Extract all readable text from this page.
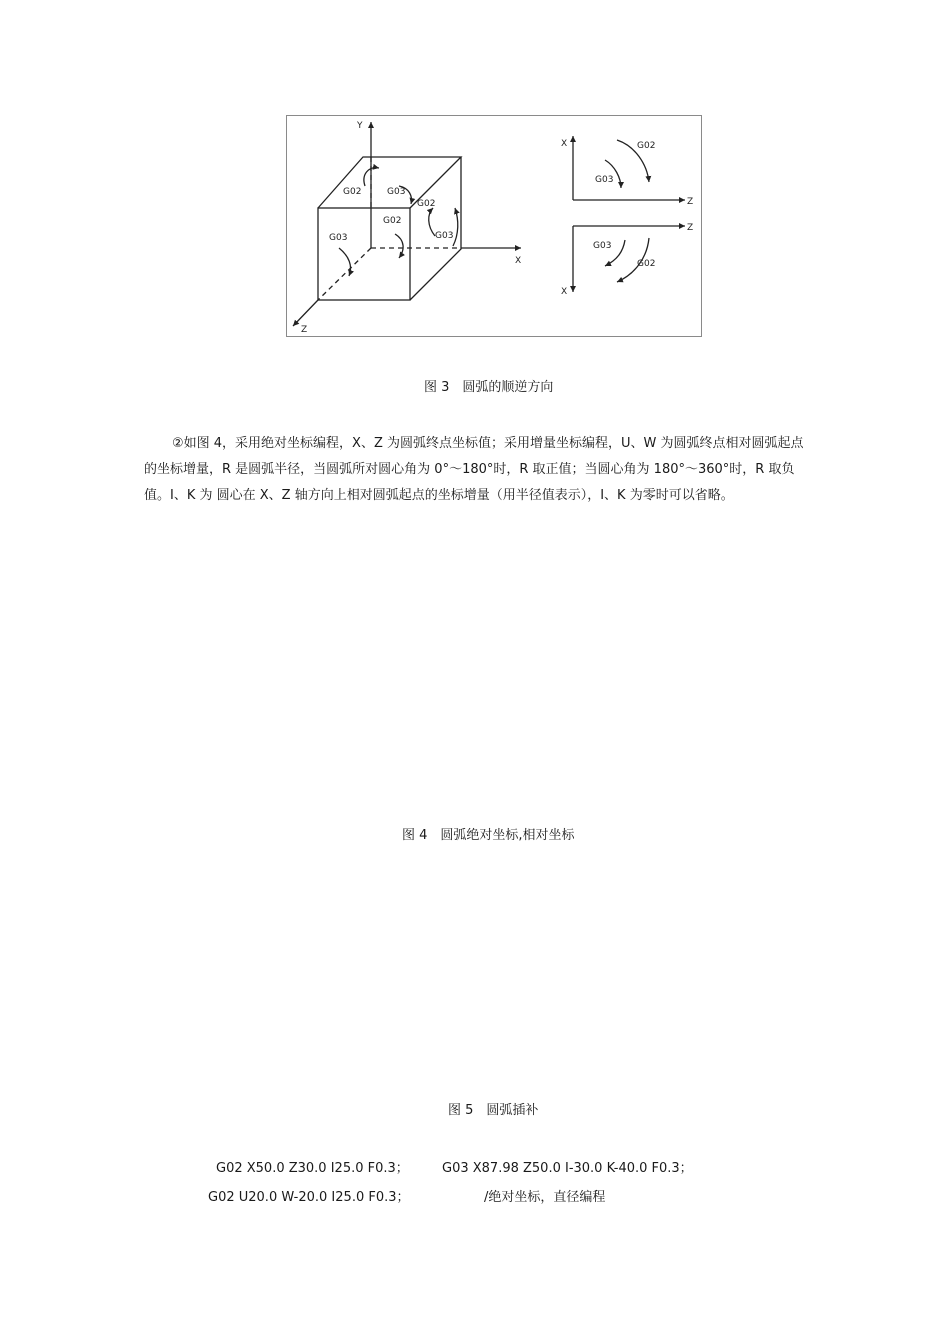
Y
X
Z
G02	G03
G02
G03
G02
G03
X
Z
G02
G03
Z
X
G03
G02
图 3　圆弧的顺逆方向

②如图 4，采用绝对坐标编程，X、Z 为圆弧终点坐标值；采用增量坐标编程，U、W 为圆弧终点相对圆弧起点的坐标增量，R 是圆弧半径，当圆弧所对圆心角为 0°～180°时，R 取正值；当圆心角为 180°～360°时，R 取负值。I、K 为 圆心在 X、Z 轴方向上相对圆弧起点的坐标增量（用半径值表示），I、K 为零时可以省略。

图 4　圆弧绝对坐标,相对坐标
图 5　圆弧插补
G02 X50.0 Z30.0 I25.0 F0.3；	G03 X87.98 Z50.0 I-30.0 K-40.0 F0.3；
G02 U20.0 W-20.0 I25.0 F0.3；	/绝对坐标，直径编程
